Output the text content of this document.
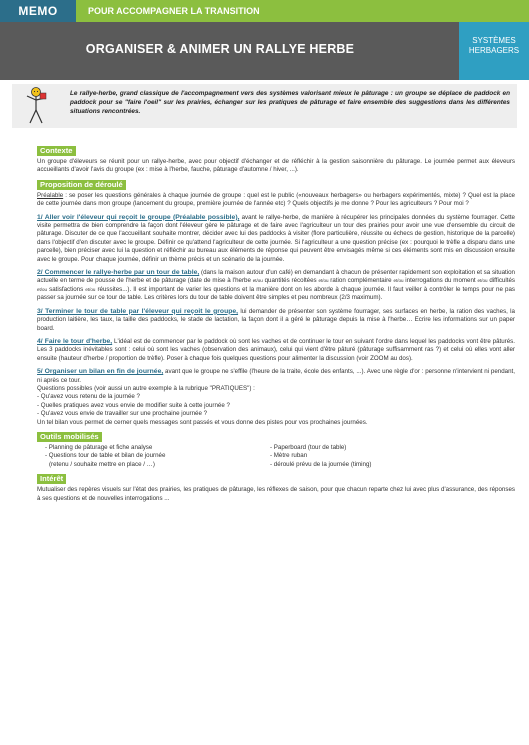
MEMO	POUR ACCOMPAGNER LA TRANSITION
ORGANISER & ANIMER UN RALLYE HERBE
SYSTÈMES
HERBAGERS
Le rallye-herbe, grand classique de l'accompagnement vers des systèmes valorisant mieux le pâturage : un groupe se déplace de paddock en paddock pour se "faire l'oeil" sur les prairies, échanger sur les pratiques de pâturage et faire ensemble des suggestions dans les différentes situations rencontrées.
Contexte
Un groupe d'éleveurs se réunit pour un rallye-herbe, avec pour objectif d'échanger et de réfléchir à la gestion saisonnière du pâturage. Le journée permet aux éleveurs accueillants d'avoir l'avis du groupe (ex : mise à l'herbe, fauche, pâturage d'automne / hiver, ...).
Proposition de déroulé
Préalable : se poser les questions générales à chaque journée de groupe : quel est le public («nouveaux herbagers» ou herbagers expérimentés, mixte) ? Quel est la place de cette journée dans mon groupe (lancement du groupe, première journée de l'année etc) ? Quels objectifs je me donne ? Pour les agriculteurs ? Pour moi ?
1/ Aller voir l'éleveur qui reçoit le groupe (Préalable possible), avant le rallye-herbe, de manière à récupérer les principales données du système fourrager. Cette visite permettra de bien comprendre la façon dont l'éleveur gère le pâturage et de faire avec l'agriculteur un tour des prairies pour avoir une vue d'ensemble du circuit de pâturage. Discuter de ce que l'accueillant souhaite montrer, décider avec lui des paddocks à visiter (flore particulière, réussite ou échecs de gestion, historique de la parcelle) dans l'objectif d'en discuter avec le groupe. Définir ce qu'attend l'agriculteur de cette journée. Si l'agriculteur a une question précise (ex : pourquoi le trèfle a disparu dans une parcelle), bien préciser avec lui la question et réfléchir au bureau aux éléments de réponse qui peuvent être envisagés même si ces éléments sont mis en discussion ensuite avec le groupe. Pour chaque journée, définir un thème précis et un scénario de la journée.
2/ Commencer le rallye-herbe par un tour de table, (dans la maison autour d'un café) en demandant à chacun de présenter rapidement son exploitation et sa situation actuelle en terme de pousse de l'herbe et de pâturage (date de mise à l'herbe et/ou quantités récoltées et/ou ration complémentaire et/ou interrogations du moment et/ou difficultés et/ou satisfactions et/ou réussites...). Il est important de varier les questions et la manière dont on les aborde à chaque journée. Il faut veiller à contrôler le temps pour ne pas passer sa journée sur ce tour de table. Les critères lors du tour de table doivent être simples et peu nombreux (2/3 maximum).
3/ Terminer le tour de table par l'éleveur qui reçoit le groupe, lui demander de présenter son système fourrager, ses surfaces en herbe, la ration des vaches, la production laitière, les taux, la taille des paddocks, le stade de lactation, la façon dont il a géré le pâturage depuis la mise à l'herbe… Ecrire les informations sur un paper board.
4/ Faire le tour d'herbe, L'idéal est de commencer par le paddock où sont les vaches et de continuer le tour en suivant l'ordre dans lequel les paddocks vont être pâturés. Les 3 paddocks inévitables sont : celui où sont les vaches (observation des animaux), celui qui vient d'être pâturé (pâturage suffisamment ras ?) et celui où elles vont aller ensuite (hauteur d'herbe / proportion de trèfle). Poser à chaque fois quelques questions pour alimenter la discussion (voir ZOOM au dos).
5/ Organiser un bilan en fin de journée, avant que le groupe ne s'effile (l'heure de la traite, école des enfants, ...). Avec une règle d'or : personne n'intervient ni pendant, ni après ce tour.
Questions possibles (voir aussi un autre exemple à la rubrique "PRATIQUES") :
- Qu'avez vous retenu de la journée ?
- Quelles pratiques avez vous envie de modifier suite à cette journée ?
- Qu'avez vous envie de travailler sur une prochaine journée ?
Un tel bilan vous permet de cerner quels messages sont passés et vous donne des pistes pour vos prochaines journées.
Outils mobilisés
- Planning de pâturage et fiche analyse
- Questions tour de table et bilan de journée
(retenu / souhaite mettre en place / …)
- Paperboard (tour de table)
- Mètre ruban
- déroulé prévu de la journée (timing)
Intérêt
Mutualiser des repères visuels sur l'état des prairies, les pratiques de pâturage, les réflexes de saison, pour que chacun reparte chez lui avec plus d'assurance, des réponses à ses questions et de nouvelles interrogations ...
